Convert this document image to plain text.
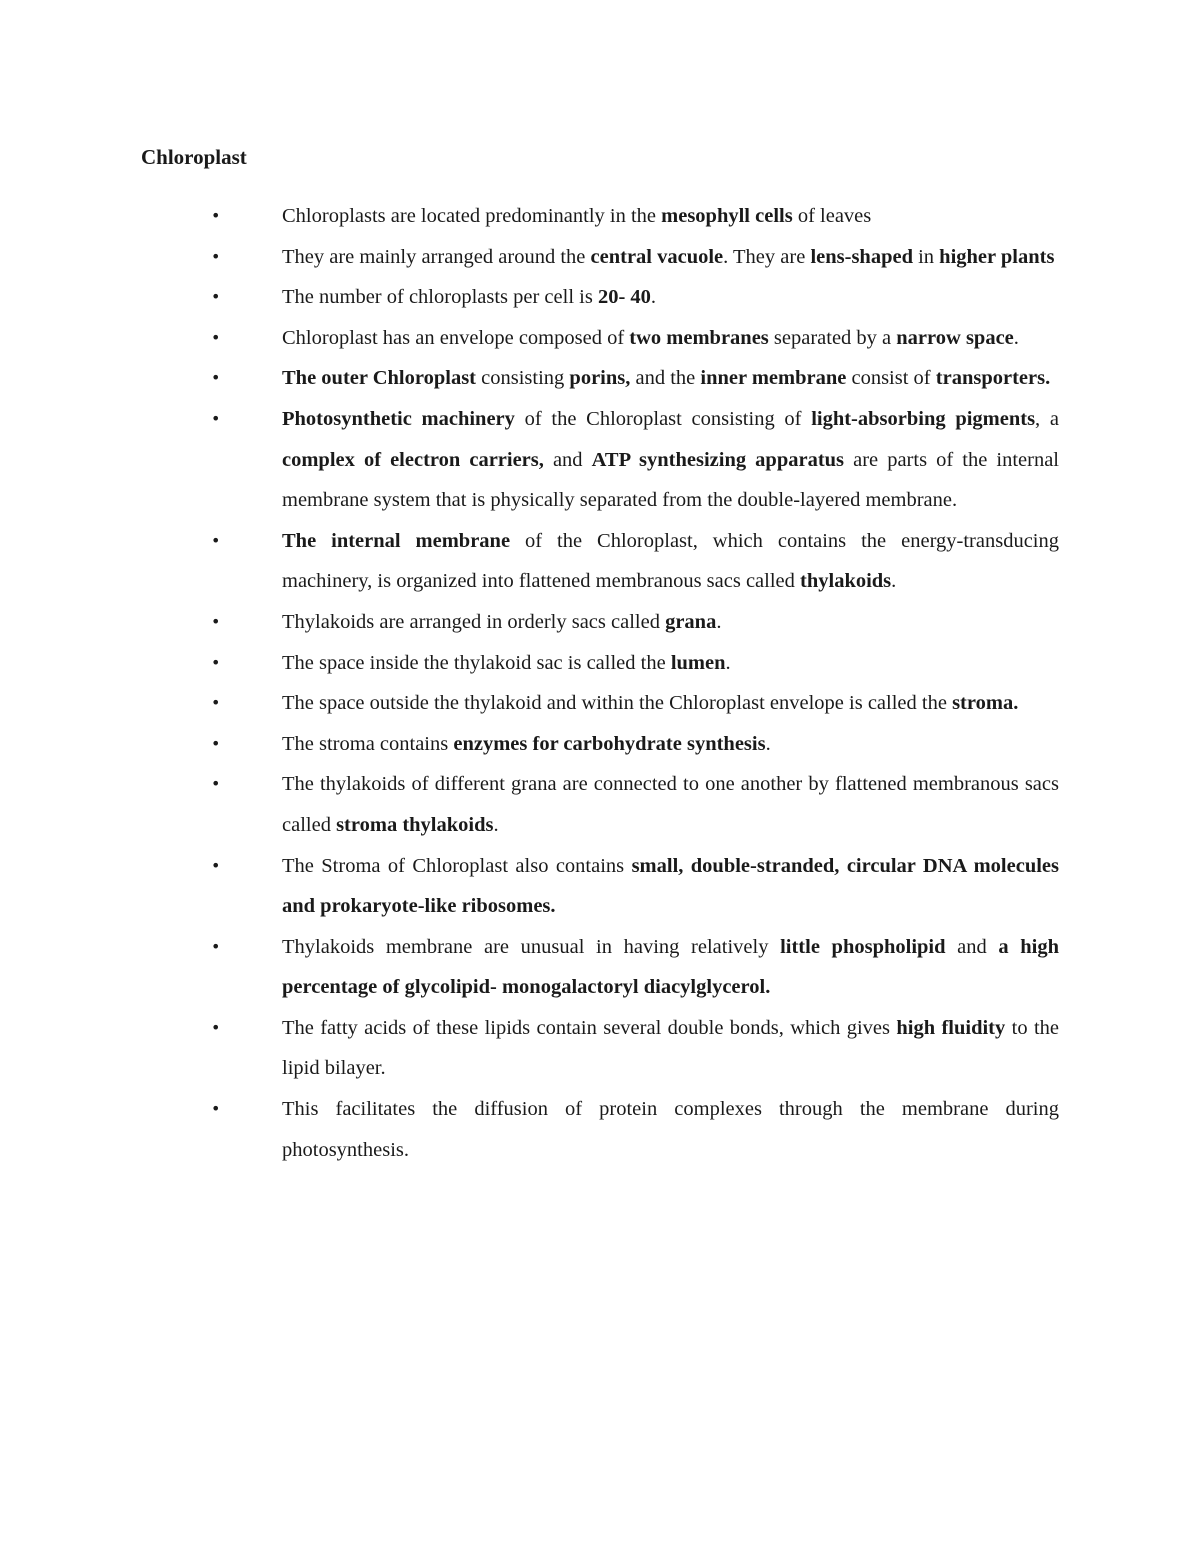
Chloroplast
•	Chloroplasts are located predominantly in the mesophyll cells of leaves
•	They are mainly arranged around the central vacuole. They are lens-shaped in higher plants
•	The number of chloroplasts per cell is 20- 40.
•	Chloroplast has an envelope composed of two membranes separated by a narrow space.
•	The outer Chloroplast consisting porins, and the inner membrane consist of transporters.
•	Photosynthetic machinery of the Chloroplast consisting of light-absorbing pigments, a complex of electron carriers, and ATP synthesizing apparatus are parts of the internal membrane system that is physically separated from the double-layered membrane.
•	The internal membrane of the Chloroplast, which contains the energy-transducing machinery, is organized into flattened membranous sacs called thylakoids.
•	Thylakoids are arranged in orderly sacs called grana.
•	The space inside the thylakoid sac is called the lumen.
•	The space outside the thylakoid and within the Chloroplast envelope is called the stroma.
•	The stroma contains enzymes for carbohydrate synthesis.
•	The thylakoids of different grana are connected to one another by flattened membranous sacs called stroma thylakoids.
•	The Stroma of Chloroplast also contains small, double-stranded, circular DNA molecules and prokaryote-like ribosomes.
•	Thylakoids membrane are unusual in having relatively little phospholipid and a high percentage of glycolipid- monogalactoryl diacylglycerol.
•	The fatty acids of these lipids contain several double bonds, which gives high fluidity to the lipid bilayer.
•	This facilitates the diffusion of protein complexes through the membrane during photosynthesis.
